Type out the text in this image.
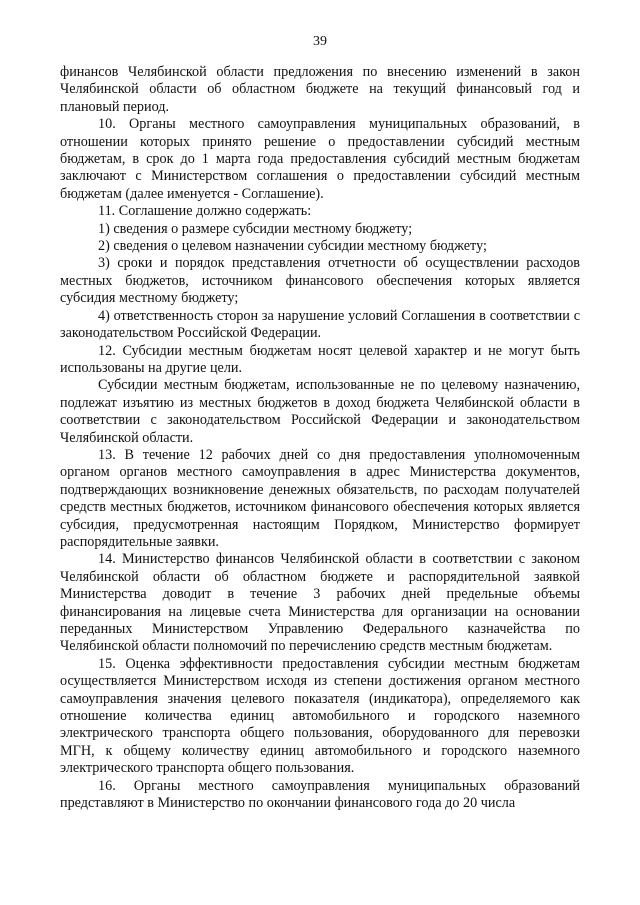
39

финансов Челябинской области предложения по внесению изменений в закон Челябинской области об областном бюджете на текущий финансовый год и плановый период.

10. Органы местного самоуправления муниципальных образований, в отношении которых принято решение о предоставлении субсидий местным бюджетам, в срок до 1 марта года предоставления субсидий местным бюджетам заключают с Министерством соглашения о предоставлении субсидий местным бюджетам (далее именуется - Соглашение).

11. Соглашение должно содержать:

1) сведения о размере субсидии местному бюджету;

2) сведения о целевом назначении субсидии местному бюджету;

3) сроки и порядок представления отчетности об осуществлении расходов местных бюджетов, источником финансового обеспечения которых является субсидия местному бюджету;

4) ответственность сторон за нарушение условий Соглашения в соответствии с законодательством Российской Федерации.

12. Субсидии местным бюджетам носят целевой характер и не могут быть использованы на другие цели.

Субсидии местным бюджетам, использованные не по целевому назначению, подлежат изъятию из местных бюджетов в доход бюджета Челябинской области в соответствии с законодательством Российской Федерации и законодательством Челябинской области.

13. В течение 12 рабочих дней со дня предоставления уполномоченным органом органов местного самоуправления в адрес Министерства документов, подтверждающих возникновение денежных обязательств, по расходам получателей средств местных бюджетов, источником финансового обеспечения которых является субсидия, предусмотренная настоящим Порядком, Министерство формирует распорядительные заявки.

14. Министерство финансов Челябинской области в соответствии с законом Челябинской области об областном бюджете и распорядительной заявкой Министерства доводит в течение 3 рабочих дней предельные объемы финансирования на лицевые счета Министерства для организации на основании переданных Министерством Управлению Федерального казначейства по Челябинской области полномочий по перечислению средств местным бюджетам.

15. Оценка эффективности предоставления субсидии местным бюджетам осуществляется Министерством исходя из степени достижения органом местного самоуправления значения целевого показателя (индикатора), определяемого как отношение количества единиц автомобильного и городского наземного электрического транспорта общего пользования, оборудованного для перевозки МГН, к общему количеству единиц автомобильного и городского наземного электрического транспорта общего пользования.

16. Органы местного самоуправления муниципальных образований представляют в Министерство по окончании финансового года до 20 числа
